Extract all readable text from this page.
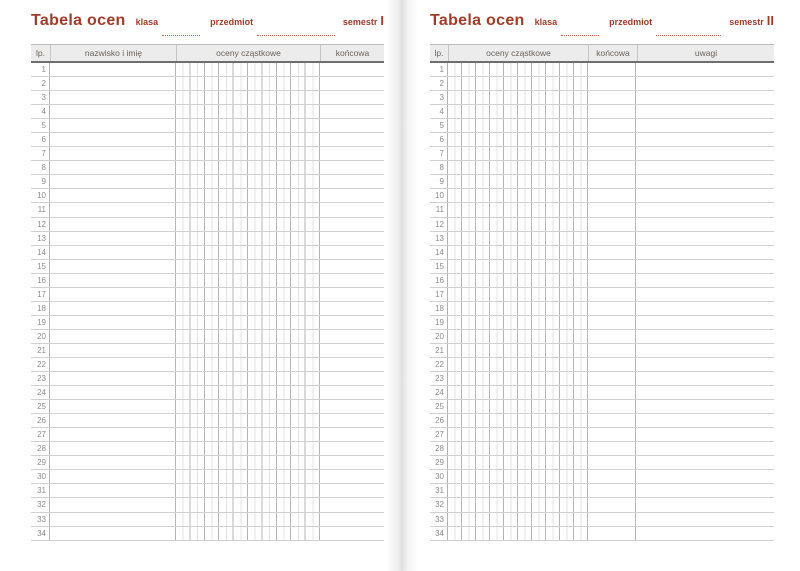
Tabela ocen klasa	przedmiot	semestr I
lp.	nazwisko i imię	oceny cząstkowe	końcowa
1
2
3
4
5
6
7
8
9
10
11
12
13
14
15
16
17
18
19
20
21
22
23
24
25
26
27
28
29
30
31
32
33
34
Tabela ocen klasa	przedmiot	semestr II
lp.	oceny cząstkowe	końcowa	uwagi
1
2
3
4
5
6
7
8
9
10
11
12
13
14
15
16
17
18
19
20
21
22
23
24
25
26
27
28
29
30
31
32
33
34
